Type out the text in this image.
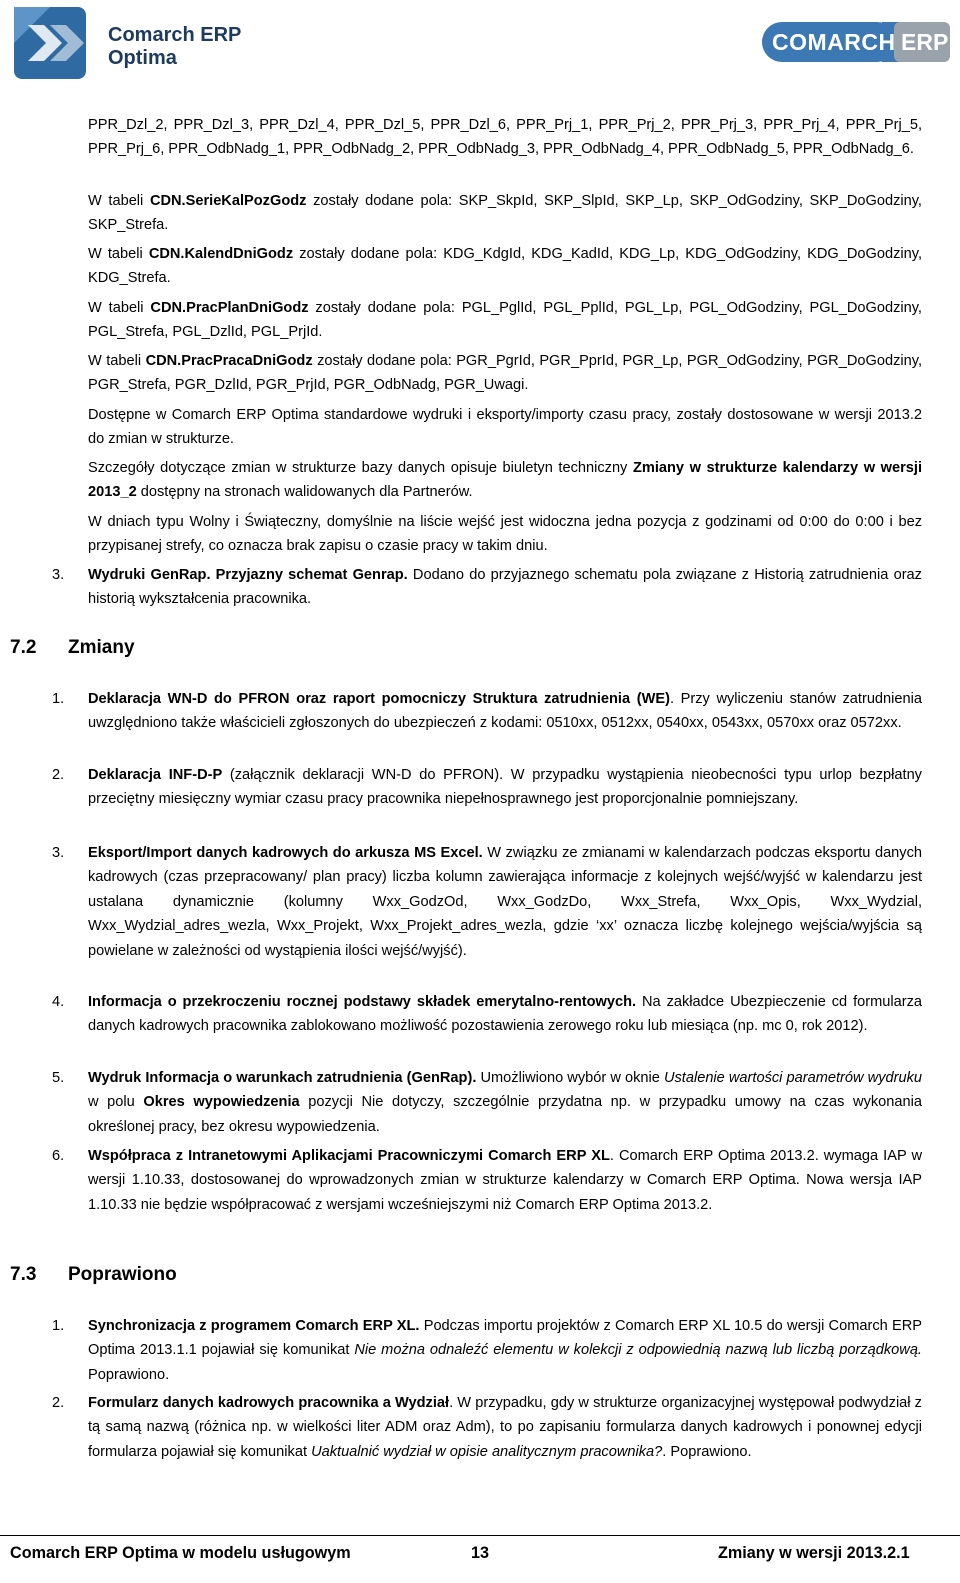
Comarch ERP
Optima
COMARCH ERP

PPR_Dzl_2, PPR_Dzl_3, PPR_Dzl_4, PPR_Dzl_5, PPR_Dzl_6, PPR_Prj_1, PPR_Prj_2, PPR_Prj_3, PPR_Prj_4, PPR_Prj_5, PPR_Prj_6, PPR_OdbNadg_1, PPR_OdbNadg_2, PPR_OdbNadg_3, PPR_OdbNadg_4, PPR_OdbNadg_5, PPR_OdbNadg_6.

W tabeli CDN.SerieKalPozGodz zostały dodane pola: SKP_SkpId, SKP_SlpId, SKP_Lp, SKP_OdGodziny, SKP_DoGodziny, SKP_Strefa.

W tabeli CDN.KalendDniGodz zostały dodane pola: KDG_KdgId, KDG_KadId, KDG_Lp, KDG_OdGodziny, KDG_DoGodziny, KDG_Strefa.

W tabeli CDN.PracPlanDniGodz zostały dodane pola: PGL_PglId, PGL_PplId, PGL_Lp, PGL_OdGodziny, PGL_DoGodziny, PGL_Strefa, PGL_DzlId, PGL_PrjId.

W tabeli CDN.PracPracaDniGodz zostały dodane pola: PGR_PgrId, PGR_PprId, PGR_Lp, PGR_OdGodziny, PGR_DoGodziny, PGR_Strefa, PGR_DzlId, PGR_PrjId, PGR_OdbNadg, PGR_Uwagi.

Dostępne w Comarch ERP Optima standardowe wydruki i eksporty/importy czasu pracy, zostały dostosowane w wersji 2013.2 do zmian w strukturze.

Szczegóły dotyczące zmian w strukturze bazy danych opisuje biuletyn techniczny Zmiany w strukturze kalendarzy w wersji 2013_2 dostępny na stronach walidowanych dla Partnerów.

W dniach typu Wolny i Świąteczny, domyślnie na liście wejść jest widoczna jedna pozycja z godzinami od 0:00 do 0:00 i bez przypisanej strefy, co oznacza brak zapisu o czasie pracy w takim dniu.

3. Wydruki GenRap. Przyjazny schemat Genrap. Dodano do przyjaznego schematu pola związane z Historią zatrudnienia oraz historią wykształcenia pracownika.

7.2 Zmiany
1. Deklaracja WN-D do PFRON oraz raport pomocniczy Struktura zatrudnienia (WE). Przy wyliczeniu stanów zatrudnienia uwzględniono także właścicieli zgłoszonych do ubezpieczeń z kodami: 0510xx, 0512xx, 0540xx, 0543xx, 0570xx oraz 0572xx.

2. Deklaracja INF-D-P (załącznik deklaracji WN-D do PFRON). W przypadku wystąpienia nieobecności typu urlop bezpłatny przeciętny miesięczny wymiar czasu pracy pracownika niepełnosprawnego jest proporcjonalnie pomniejszany.

3. Eksport/Import danych kadrowych do arkusza MS Excel. W związku ze zmianami w kalendarzach podczas eksportu danych kadrowych (czas przepracowany/ plan pracy) liczba kolumn zawierająca informacje z kolejnych wejść/wyjść w kalendarzu jest ustalana dynamicznie (kolumny Wxx_GodzOd, Wxx_GodzDo, Wxx_Strefa, Wxx_Opis, Wxx_Wydzial, Wxx_Wydzial_adres_wezla, Wxx_Projekt, Wxx_Projekt_adres_wezla, gdzie ‘xx’ oznacza liczbę kolejnego wejścia/wyjścia są powielane w zależności od wystąpienia ilości wejść/wyjść).

4. Informacja o przekroczeniu rocznej podstawy składek emerytalno-rentowych. Na zakładce Ubezpieczenie cd formularza danych kadrowych pracownika zablokowano możliwość pozostawienia zerowego roku lub miesiąca (np. mc 0, rok 2012).

5. Wydruk Informacja o warunkach zatrudnienia (GenRap). Umożliwiono wybór w oknie Ustalenie wartości parametrów wydruku w polu Okres wypowiedzenia pozycji Nie dotyczy, szczególnie przydatna np. w przypadku umowy na czas wykonania określonej pracy, bez okresu wypowiedzenia.

6. Współpraca z Intranetowymi Aplikacjami Pracowniczymi Comarch ERP XL. Comarch ERP Optima 2013.2. wymaga IAP w wersji 1.10.33, dostosowanej do wprowadzonych zmian w strukturze kalendarzy w Comarch ERP Optima. Nowa wersja IAP 1.10.33 nie będzie współpracować z wersjami wcześniejszymi niż Comarch ERP Optima 2013.2.

7.3 Poprawiono
1. Synchronizacja z programem Comarch ERP XL. Podczas importu projektów z Comarch ERP XL 10.5 do wersji Comarch ERP Optima 2013.1.1 pojawiał się komunikat Nie można odnaleźć elementu w kolekcji z odpowiednią nazwą lub liczbą porządkową. Poprawiono.

2. Formularz danych kadrowych pracownika a Wydział. W przypadku, gdy w strukturze organizacyjnej występował podwydział z tą samą nazwą (różnica np. w wielkości liter ADM oraz Adm), to po zapisaniu formularza danych kadrowych i ponownej edycji formularza pojawiał się komunikat Uaktualnić wydział w opisie analitycznym pracownika?. Poprawiono.

Comarch ERP Optima w modelu usługowym	13	Zmiany w wersji 2013.2.1
